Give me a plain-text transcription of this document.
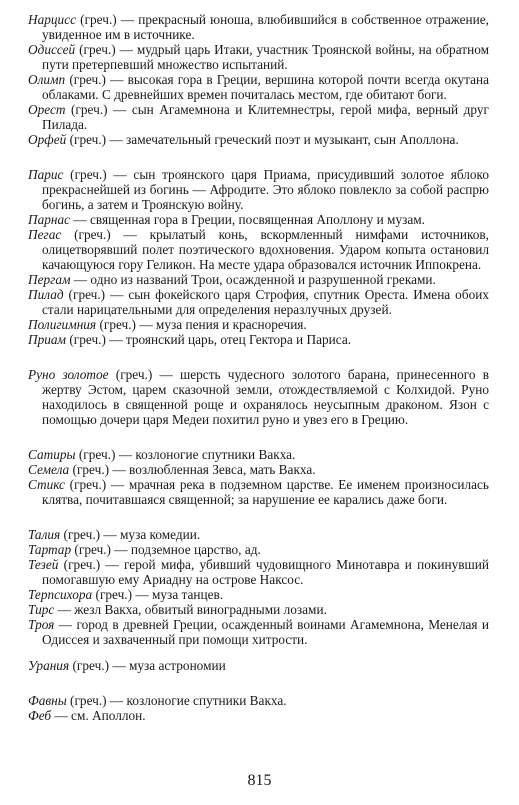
Нарцисс (греч.) — прекрасный юноша, влюбившийся в собственное отражение, увиденное им в источнике.
Одиссей (греч.) — мудрый царь Итаки, участник Троянской войны, на обратном пути претерпевший множество испытаний.
Олимп (греч.) — высокая гора в Греции, вершина которой почти всегда окутана облаками. С древнейших времен почиталась местом, где обитают боги.
Орест (греч.) — сын Агамемнона и Клитемнестры, герой мифа, верный друг Пилада.
Орфей (греч.) — замечательный греческий поэт и музыкант, сын Аполлона.
Парис (греч.) — сын троянского царя Приама, присудивший золотое яблоко прекраснейшей из богинь — Афродите. Это яблоко повлекло за собой распрю богинь, а затем и Троянскую войну.
Парнас — священная гора в Греции, посвященная Аполлону и музам.
Пегас (греч.) — крылатый конь, вскормленный нимфами источников, олицетворявший полет поэтического вдохновения. Ударом копыта остановил качающуюся гору Геликон. На месте удара образовался источник Иппокрена.
Пергам — одно из названий Трои, осажденной и разрушенной греками.
Пилад (греч.) — сын фокейского царя Строфия, спутник Ореста. Имена обоих стали нарицательными для определения неразлучных друзей.
Полигимния (греч.) — муза пения и красноречия.
Приам (греч.) — троянский царь, отец Гектора и Париса.
Руно золотое (греч.) — шерсть чудесного золотого барана, принесенного в жертву Эстом, царем сказочной земли, отождествляемой с Колхидой. Руно находилось в священной роще и охранялось неусыпным драконом. Язон с помощью дочери царя Медеи похитил руно и увез его в Грецию.
Сатиры (греч.) — козлоногие спутники Вакха.
Семела (греч.) — возлюбленная Зевса, мать Вакха.
Стикс (греч.) — мрачная река в подземном царстве. Ее именем произносилась клятва, почитавшаяся священной; за нарушение ее карались даже боги.
Талия (греч.) — муза комедии.
Тартар (греч.) — подземное царство, ад.
Тезей (греч.) — герой мифа, убивший чудовищного Минотавра и покинувший помогавшую ему Ариадну на острове Наксос.
Терпсихора (греч.) — муза танцев.
Тирс — жезл Вакха, обвитый виноградными лозами.
Троя — город в древней Греции, осажденный воинами Агамемнона, Менелая и Одиссея и захваченный при помощи хитрости.
Урания (греч.) — муза астрономии
Фавны (греч.) — козлоногие спутники Вакха.
Феб — см. Аполлон.
815
